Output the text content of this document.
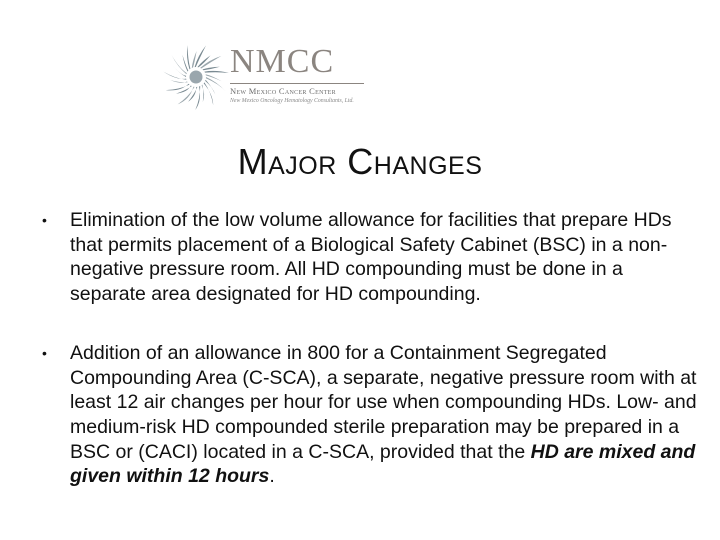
NMCC
New Mexico Cancer Center
New Mexico Oncology Hematology Consultants, Ltd.
Major Changes
• Elimination of the low volume allowance for facilities that prepare HDs that permits placement of a Biological Safety Cabinet (BSC) in a non-negative pressure room. All HD compounding must be done in a separate area designated for HD compounding.
• Addition of an allowance in 800 for a Containment Segregated Compounding Area (C-SCA), a separate, negative pressure room with at least 12 air changes per hour for use when compounding HDs. Low- and medium-risk HD compounded sterile preparation may be prepared in a BSC or (CACI) located in a C-SCA, provided that the HD are mixed and given within 12 hours.
